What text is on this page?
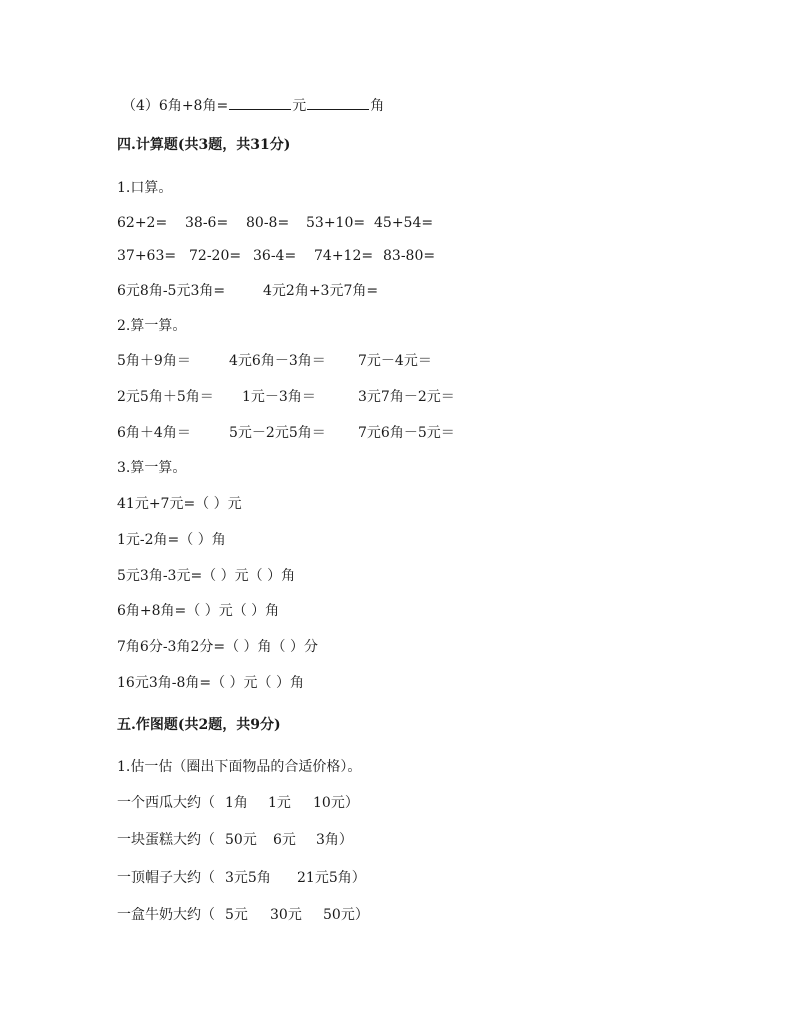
（4）6角+8角=	元	角
四.计算题(共3题，共31分)
1.口算。
62+2= 38-6= 80-8= 53+10= 45+54=
37+63= 72-20= 36-4= 74+12= 83-80=
6元8角-5元3角=	4元2角+3元7角=
2.算一算。
5角＋9角＝	4元6角－3角＝ 7元－4元＝
2元5角＋5角＝ 1元－3角＝	3元7角－2元＝
6角＋4角＝	5元－2元5角＝ 7元6角－5元＝
3.算一算。
41元+7元=（ ）元
1元-2角=（ ）角
5元3角-3元=（ ）元（ ）角
6角+8角=（ ）元（ ）角
7角6分-3角2分=（ ）角（ ）分
16元3角-8角=（ ）元（ ）角
五.作图题(共2题，共9分)
1.估一估（圈出下面物品的合适价格）。
一个西瓜大约（ 1角 1元 10元）
一块蛋糕大约（ 50元 6元 3角）
一顶帽子大约（ 3元5角 21元5角）
一盒牛奶大约（ 5元 30元 50元）
